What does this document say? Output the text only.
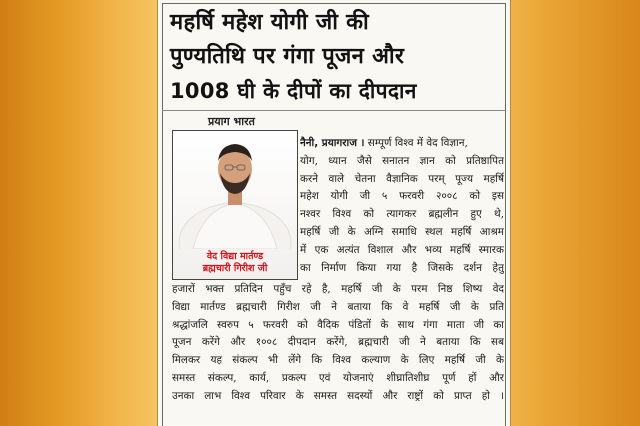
महर्षि महेश योगी जी की
पुण्यतिथि पर गंगा पूजन और
1008 घी के दीपों का दीपदान
प्रयाग भारत
वेद विद्या मार्तण्ड
ब्रह्मचारी गिरीश जी
नैनी, प्रयागराज । सम्पूर्ण विश्व में वेद विज्ञान,
योग, ध्यान जैसे सनातन ज्ञान को प्रतिष्ठापित
करने वाले चेतना वैज्ञानिक परम् पूज्य महर्षि
महेश योगी जी ५ फरवरी २००८ को इस
नश्वर विश्व को त्यागकर ब्रह्मलीन हुए थे,
महर्षि जी के अग्नि समाधि स्थल महर्षि आश्रम
में एक अत्यंत विशाल और भव्य महर्षि स्मारक
का निर्माण किया गया है जिसके दर्शन हेतु
हजारों भक्त प्रतिदिन पहुँच रहे है, महर्षि जी के परम निष्ठ शिष्य वेद
विद्या मार्तण्ड ब्रह्मचारी गिरीश जी ने बताया कि वे महर्षि जी के प्रति
श्रद्धांजलि स्वरुप ५ फरवरी को वैदिक पंडितों के साथ गंगा माता जी का
पूजन करेंगे और १००८ दीपदान करेंगे, ब्रह्मचारी जी ने बताया कि सब
मिलकर यह संकल्प भी लेंगे कि विश्व कल्याण के लिए महर्षि जी के
समस्त संकल्प, कार्य, प्रकल्प एवं योजनाएं शीघ्रातिशीघ्र पूर्ण हों और
उनका लाभ विश्व परिवार के समस्त सदस्यों और राष्ट्रों को प्राप्त हो ।
